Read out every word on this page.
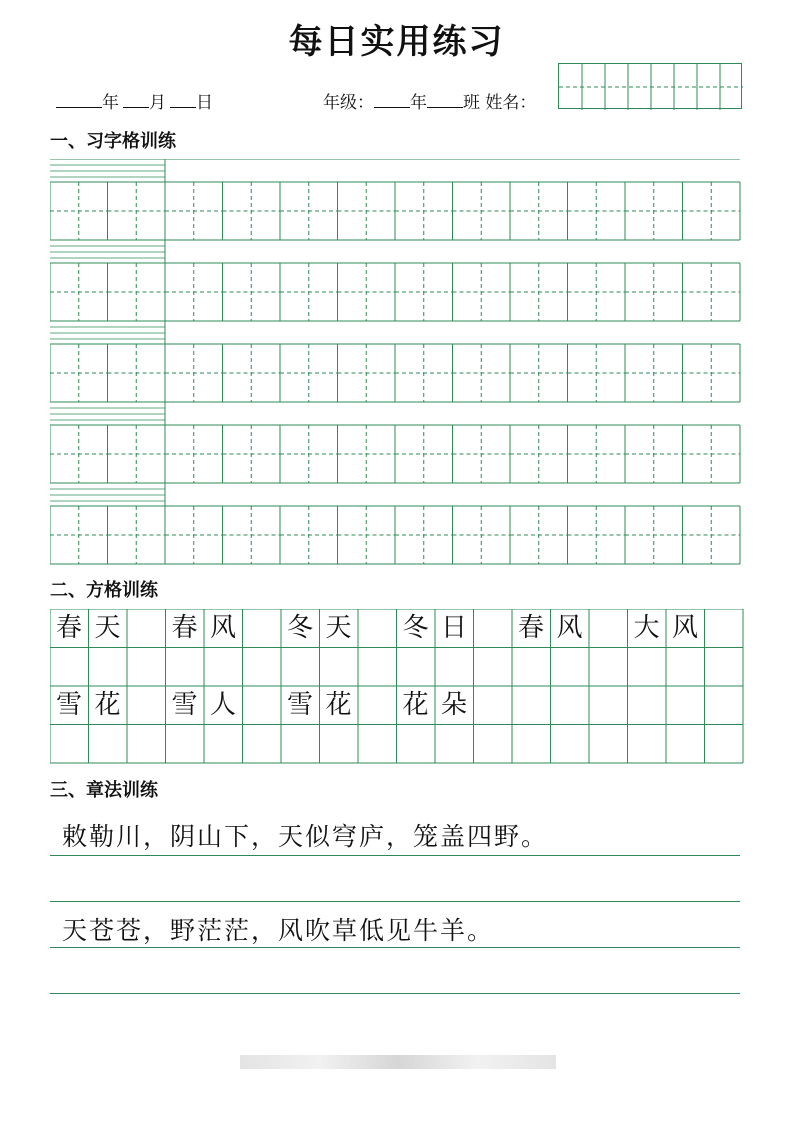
每日实用练习
年 月 日	年级： 年 班 姓名：
一、习字格训练
二、方格训练
春 天 春 风 冬 天 冬 日 春 风 大 风
雪 花 雪 人 雪 花 花 朵
三、章法训练
敕勒川，阴山下，天似穹庐，笼盖四野。
天苍苍，野茫茫，风吹草低见牛羊。
